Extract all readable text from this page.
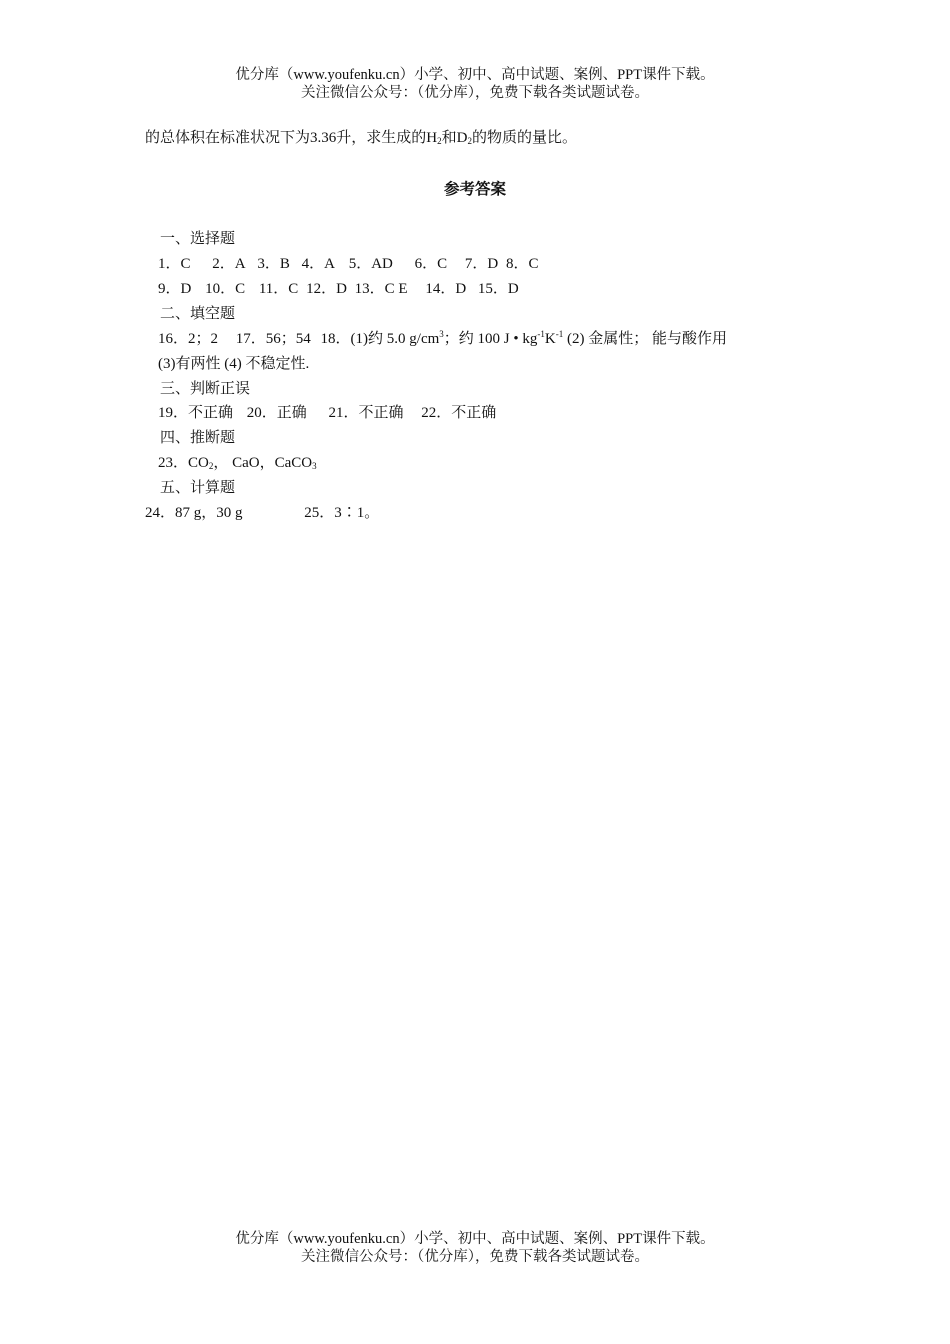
优分库（www.youfenku.cn）小学、初中、高中试题、案例、PPT课件下载。
关注微信公众号：（优分库），免费下载各类试题试卷。
的总体积在标准状况下为3.36升，求生成的$H_2$和$D_2$的物质的量比。
参考答案
一、选择题
1．C 2．A 3．B 4．A 5．AD 6．C 7．D 8．C
9．D 10．C 11．C 12．D 13．C E 14．D 15．D
二、填空题
16．2；2 17．56；54 18．(1)约 5.0 $g/cm^3$；约 100 J • $kg^{-1}K^{-1}$ (2) 金属性； 能与酸作用
(3)有两性 (4) 不稳定性.
三、判断正误
19．不正确 20．正确 21．不正确 22．不正确
四、推断题
23．$CO_2$， CaO，CaCO$_3$
五、计算题
24．87 g，30 g	25．3∶1。
优分库（www.youfenku.cn）小学、初中、高中试题、案例、PPT课件下载。
关注微信公众号：（优分库），免费下载各类试题试卷。
